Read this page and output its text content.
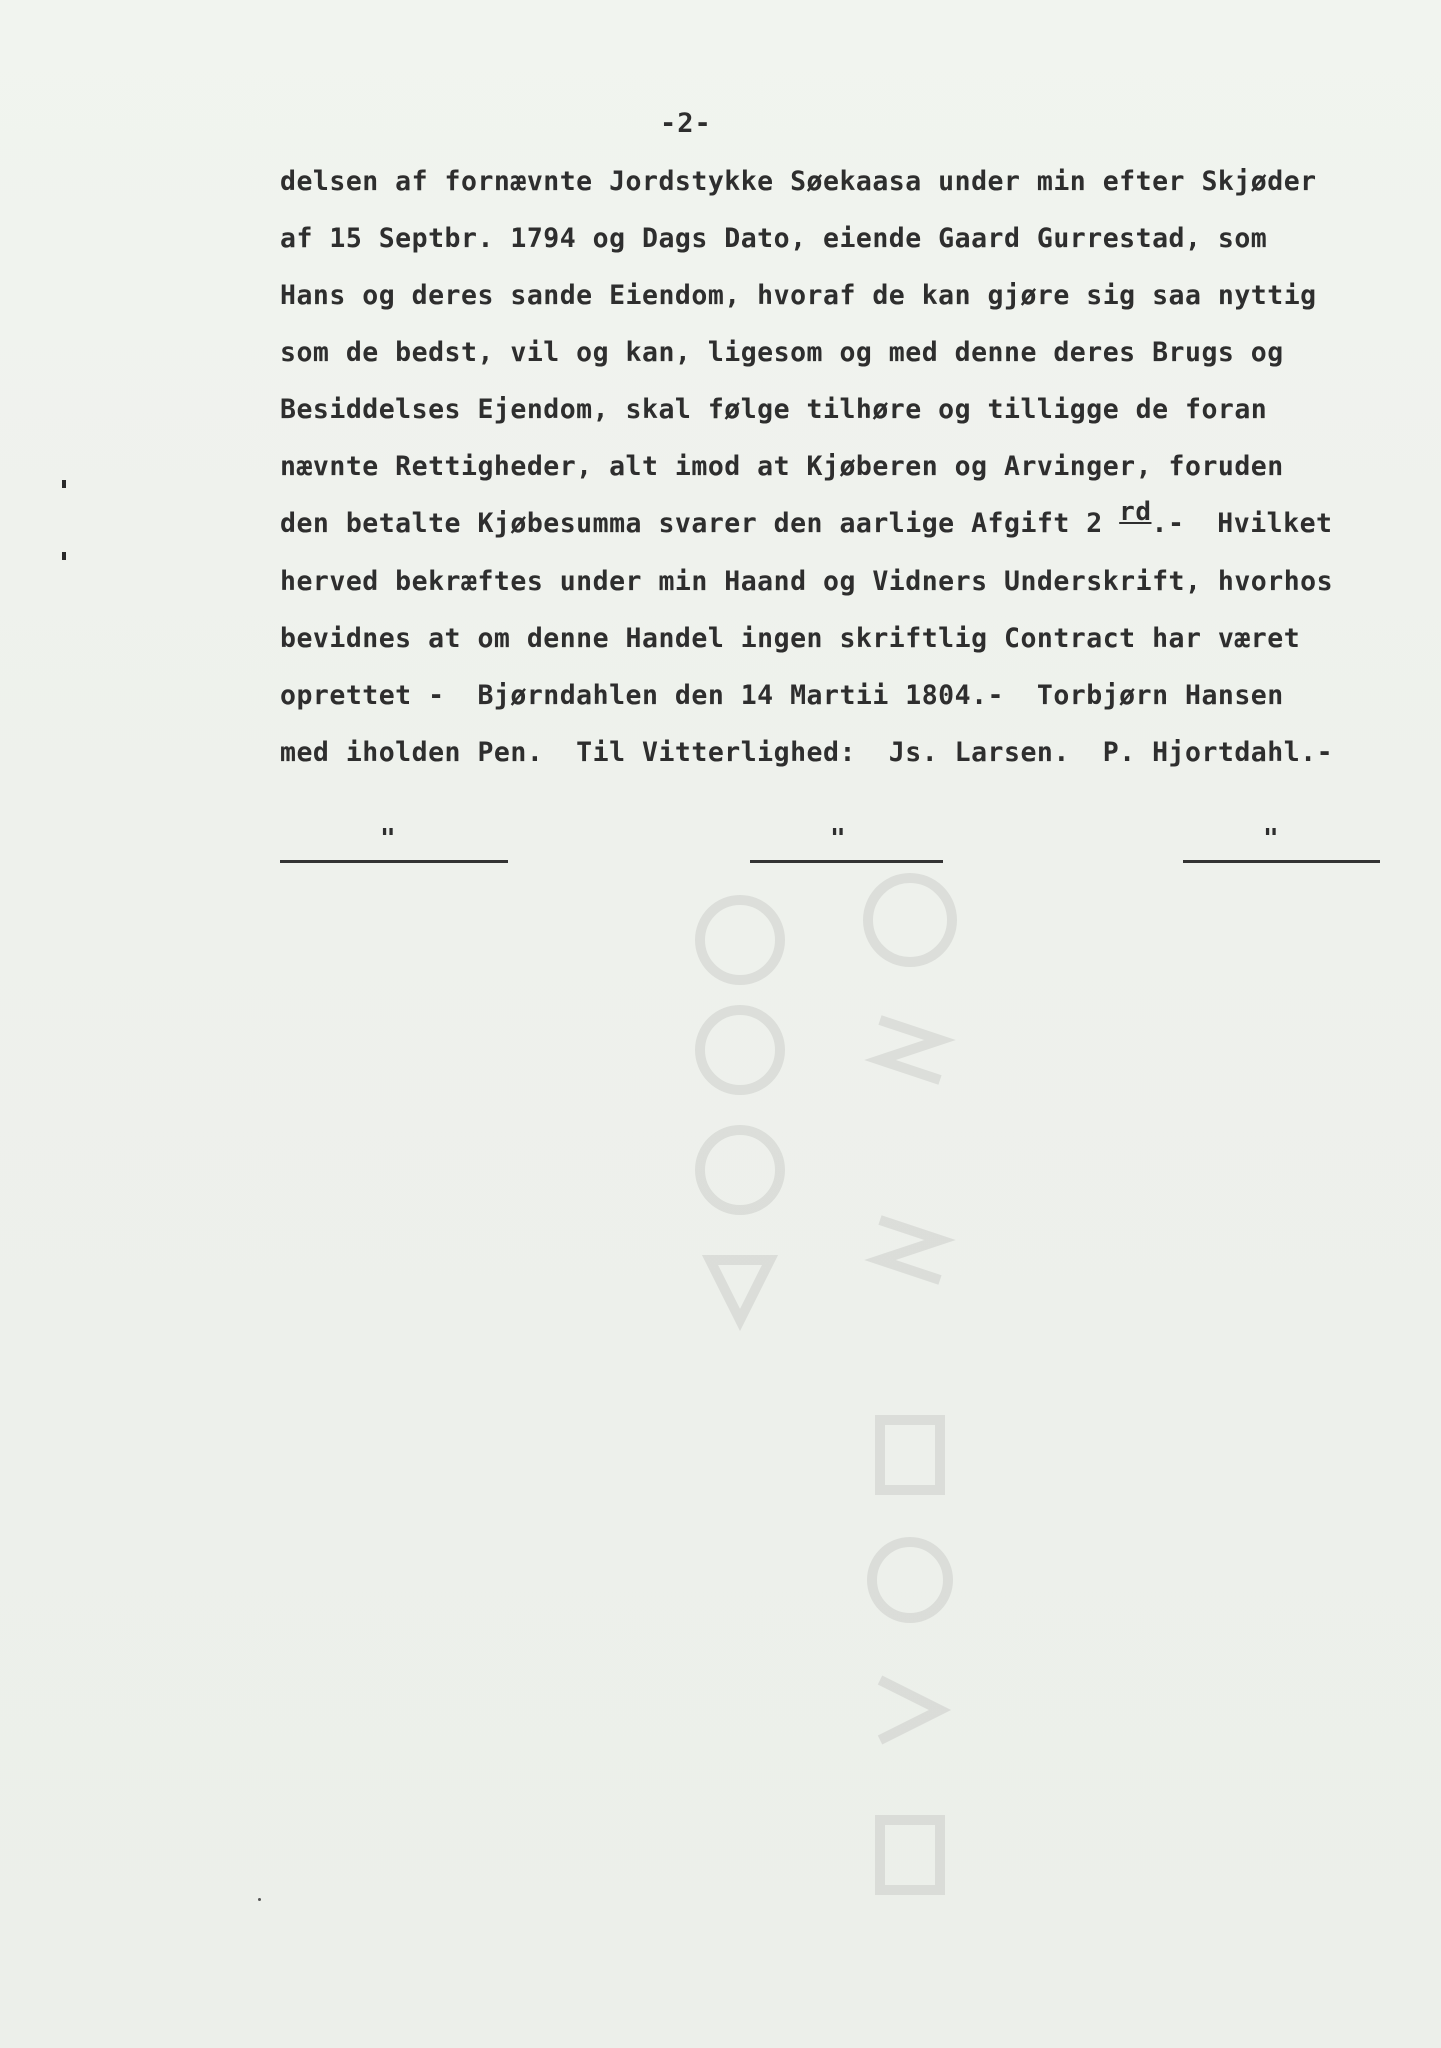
-2-
delsen af fornævnte Jordstykke Søekaasa under min efter Skjøder
af 15 Septbr. 1794 og Dags Dato, eiende Gaard Gurrestad, som
Hans og deres sande Eiendom, hvoraf de kan gjøre sig saa nyttig
som de bedst, vil og kan, ligesom og med denne deres Brugs og
Besiddelses Ejendom, skal følge tilhøre og tilligge de foran
nævnte Rettigheder, alt imod at Kjøberen og Arvinger, foruden
den betalte Kjøbesumma svarer den aarlige Afgift 2 rd.-  Hvilket
herved bekræftes under min Haand og Vidners Underskrift, hvorhos
bevidnes at om denne Handel ingen skriftlig Contract har været
oprettet -  Bjørndahlen den 14 Martii 1804.-  Torbjørn Hansen
med iholden Pen.  Til Vitterlighed:  Js. Larsen.  P. Hjortdahl.-
"	"	"
